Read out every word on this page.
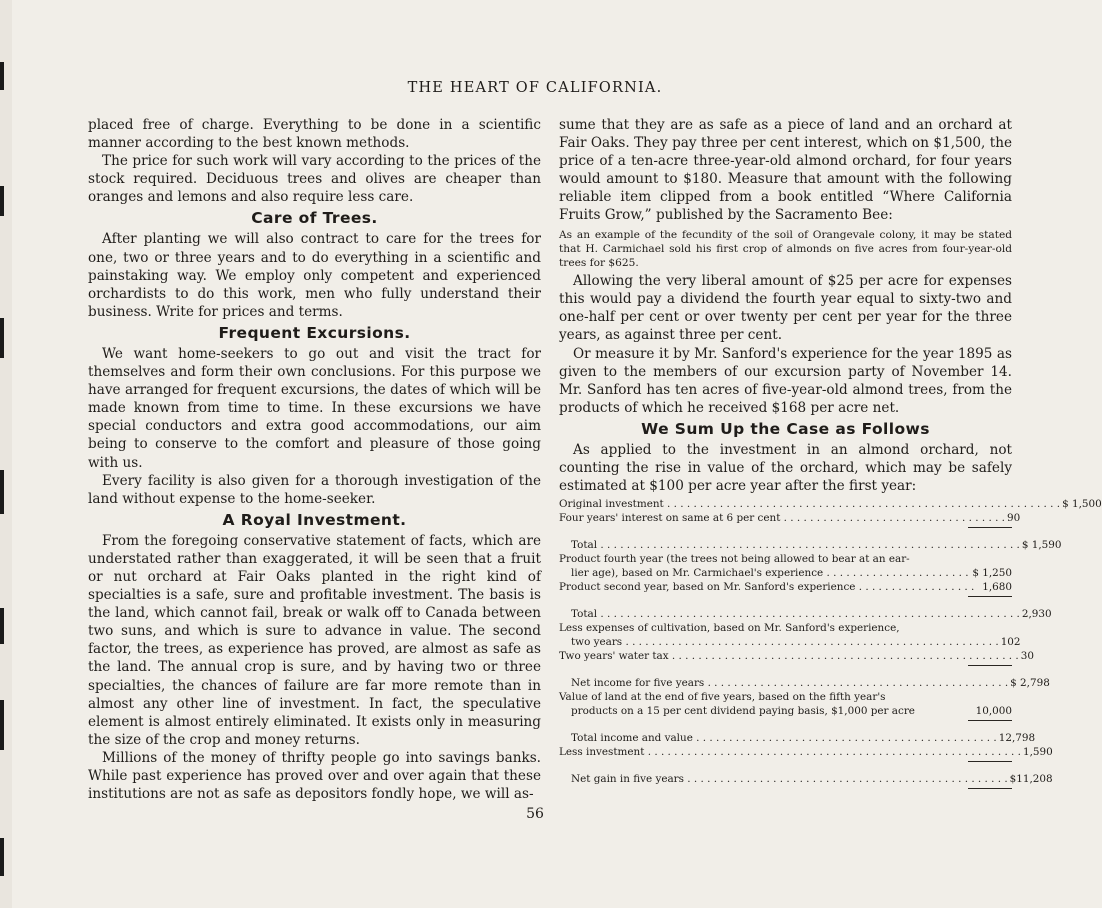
THE HEART OF CALIFORNIA.

placed free of charge. Everything to be done in a scientific manner according to the best known methods.

The price for such work will vary according to the prices of the stock required. Deciduous trees and olives are cheaper than oranges and lemons and also require less care.

Care of Trees.

After planting we will also contract to care for the trees for one, two or three years and to do everything in a scientific and painstaking way. We employ only competent and experienced orchardists to do this work, men who fully understand their business. Write for prices and terms.

Frequent Excursions.

We want home-seekers to go out and visit the tract for themselves and form their own conclusions. For this purpose we have arranged for frequent excursions, the dates of which will be made known from time to time. In these excursions we have special conductors and extra good accommodations, our aim being to conserve to the comfort and pleasure of those going with us.

Every facility is also given for a thorough investigation of the land without expense to the home-seeker.

A Royal Investment.

From the foregoing conservative statement of facts, which are understated rather than exaggerated, it will be seen that a fruit or nut orchard at Fair Oaks planted in the right kind of specialties is a safe, sure and profitable investment. The basis is the land, which cannot fail, break or walk off to Canada between two suns, and which is sure to advance in value. The second factor, the trees, as experience has proved, are almost as safe as the land. The annual crop is sure, and by having two or three specialties, the chances of failure are far more remote than in almost any other line of investment. In fact, the speculative element is almost entirely eliminated. It exists only in measuring the size of the crop and money returns.

Millions of the money of thrifty people go into savings banks. While past experience has proved over and over again that these institutions are not as safe as depositors fondly hope, we will as-

sume that they are as safe as a piece of land and an orchard at Fair Oaks. They pay three per cent interest, which on $1,500, the price of a ten-acre three-year-old almond orchard, for four years would amount to $180. Measure that amount with the following reliable item clipped from a book entitled “Where California Fruits Grow,” published by the Sacramento Bee:

As an example of the fecundity of the soil of Orangevale colony, it may be stated that H. Carmichael sold his first crop of almonds on five acres from four-year-old trees for $625.

Allowing the very liberal amount of $25 per acre for expenses this would pay a dividend the fourth year equal to sixty-two and one-half per cent or over twenty per cent per year for the three years, as against three per cent.

Or measure it by Mr. Sanford's experience for the year 1895 as given to the members of our excursion party of November 14. Mr. Sanford has ten acres of five-year-old almond trees, from the products of which he received $168 per acre net.

We Sum Up the Case as Follows

As applied to the investment in an almond orchard, not counting the rise in value of the orchard, which may be safely estimated at $100 per acre year after the first year:

Original investment . . . . . . . . . . . . . . . . . . . . . . . . . . . . . . . . . . . . . . . . . . . . . . . . . . . . . . . . . . . . $ 1,500
Four years' interest on same at 6 per cent . . . . . . . . . . . . . . . . . . . . . . . . . . . . . . . . . . 90
Total . . . . . . . . . . . . . . . . . . . . . . . . . . . . . . . . . . . . . . . . . . . . . . . . . . . . . . . . . . . . . . . . $ 1,590
Product fourth year (the trees not being allowed to bear at an ear-
lier age), based on Mr. Carmichael's experience . . . . . . . . . . . . . . . . . . . . . . $ 1,250
Product second year, based on Mr. Sanford's experience . . . . . . . . . . . . . . . . . . 1,680
Total . . . . . . . . . . . . . . . . . . . . . . . . . . . . . . . . . . . . . . . . . . . . . . . . . . . . . . . . . . . . . . . . 2,930
Less expenses of cultivation, based on Mr. Sanford's experience,
two years . . . . . . . . . . . . . . . . . . . . . . . . . . . . . . . . . . . . . . . . . . . . . . . . . . . . . . . . . 102
Two years' water tax . . . . . . . . . . . . . . . . . . . . . . . . . . . . . . . . . . . . . . . . . . . . . . . . . . . . . 30
Net income for five years . . . . . . . . . . . . . . . . . . . . . . . . . . . . . . . . . . . . . . . . . . . . . . $ 2,798
Value of land at the end of five years, based on the fifth year's
products on a 15 per cent dividend paying basis, $1,000 per acre	10,000
Total income and value . . . . . . . . . . . . . . . . . . . . . . . . . . . . . . . . . . . . . . . . . . . . . . 12,798
Less investment . . . . . . . . . . . . . . . . . . . . . . . . . . . . . . . . . . . . . . . . . . . . . . . . . . . . . . . . . 1,590
Net gain in five years . . . . . . . . . . . . . . . . . . . . . . . . . . . . . . . . . . . . . . . . . . . . . . . . . $11,208
56
